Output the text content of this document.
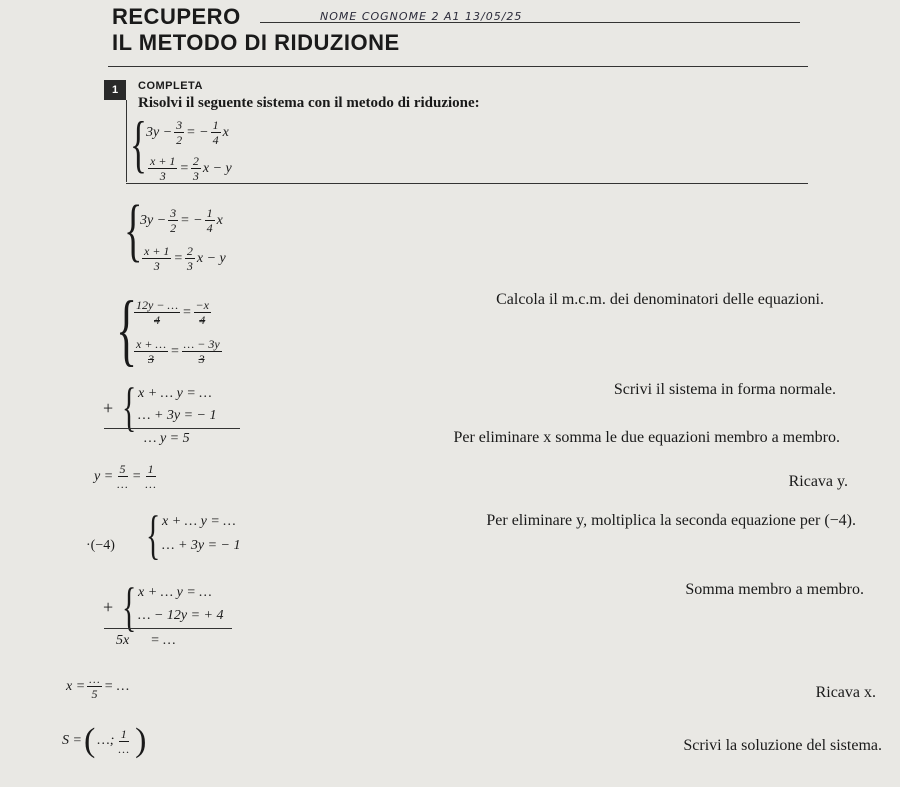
RECUPERO	NOME COGNOME 2 A1 13/05/25
IL METODO DI RIDUZIONE
1	COMPLETA
Risolvi il seguente sistema con il metodo di riduzione:
{ $3y - \frac{3}{2}$ = − $\frac{1}{4}$ x
$\frac{x + 1}{3} = \frac{2}{3}$ x − y
{
$3y - \frac{3}{2}$ = − $\frac{1}{4}$ x
$\frac{x + 1}{3} = \frac{2}{3}$ x − y
{
$\frac{12y - \dots}{4} = \frac{-x}{4}$
$\frac{x + \dots}{3} = \frac{\dots - 3y}{3}$
Calcola il m.c.m. dei denominatori delle equazioni.
+ { x + … y = …
… + 3y = − 1
… y = 5
Scrivi il sistema in forma normale.
Per eliminare x somma le due equazioni membro a membro.
$y = \frac{5}{\dots} = \frac{1}{\dots}$	Ricava y.
·(−4) { x + … y = …
… + 3y = − 1
Per eliminare y, moltiplica la seconda equazione per (−4).
+ { x + … y = …
… − 12y = + 4
5x      = …
Somma membro a membro.
$x = \frac{\dots}{5}$ = …	Ricava x.
S = ( …; $\frac{1}{\dots}$ )	Scrivi la soluzione del sistema.
